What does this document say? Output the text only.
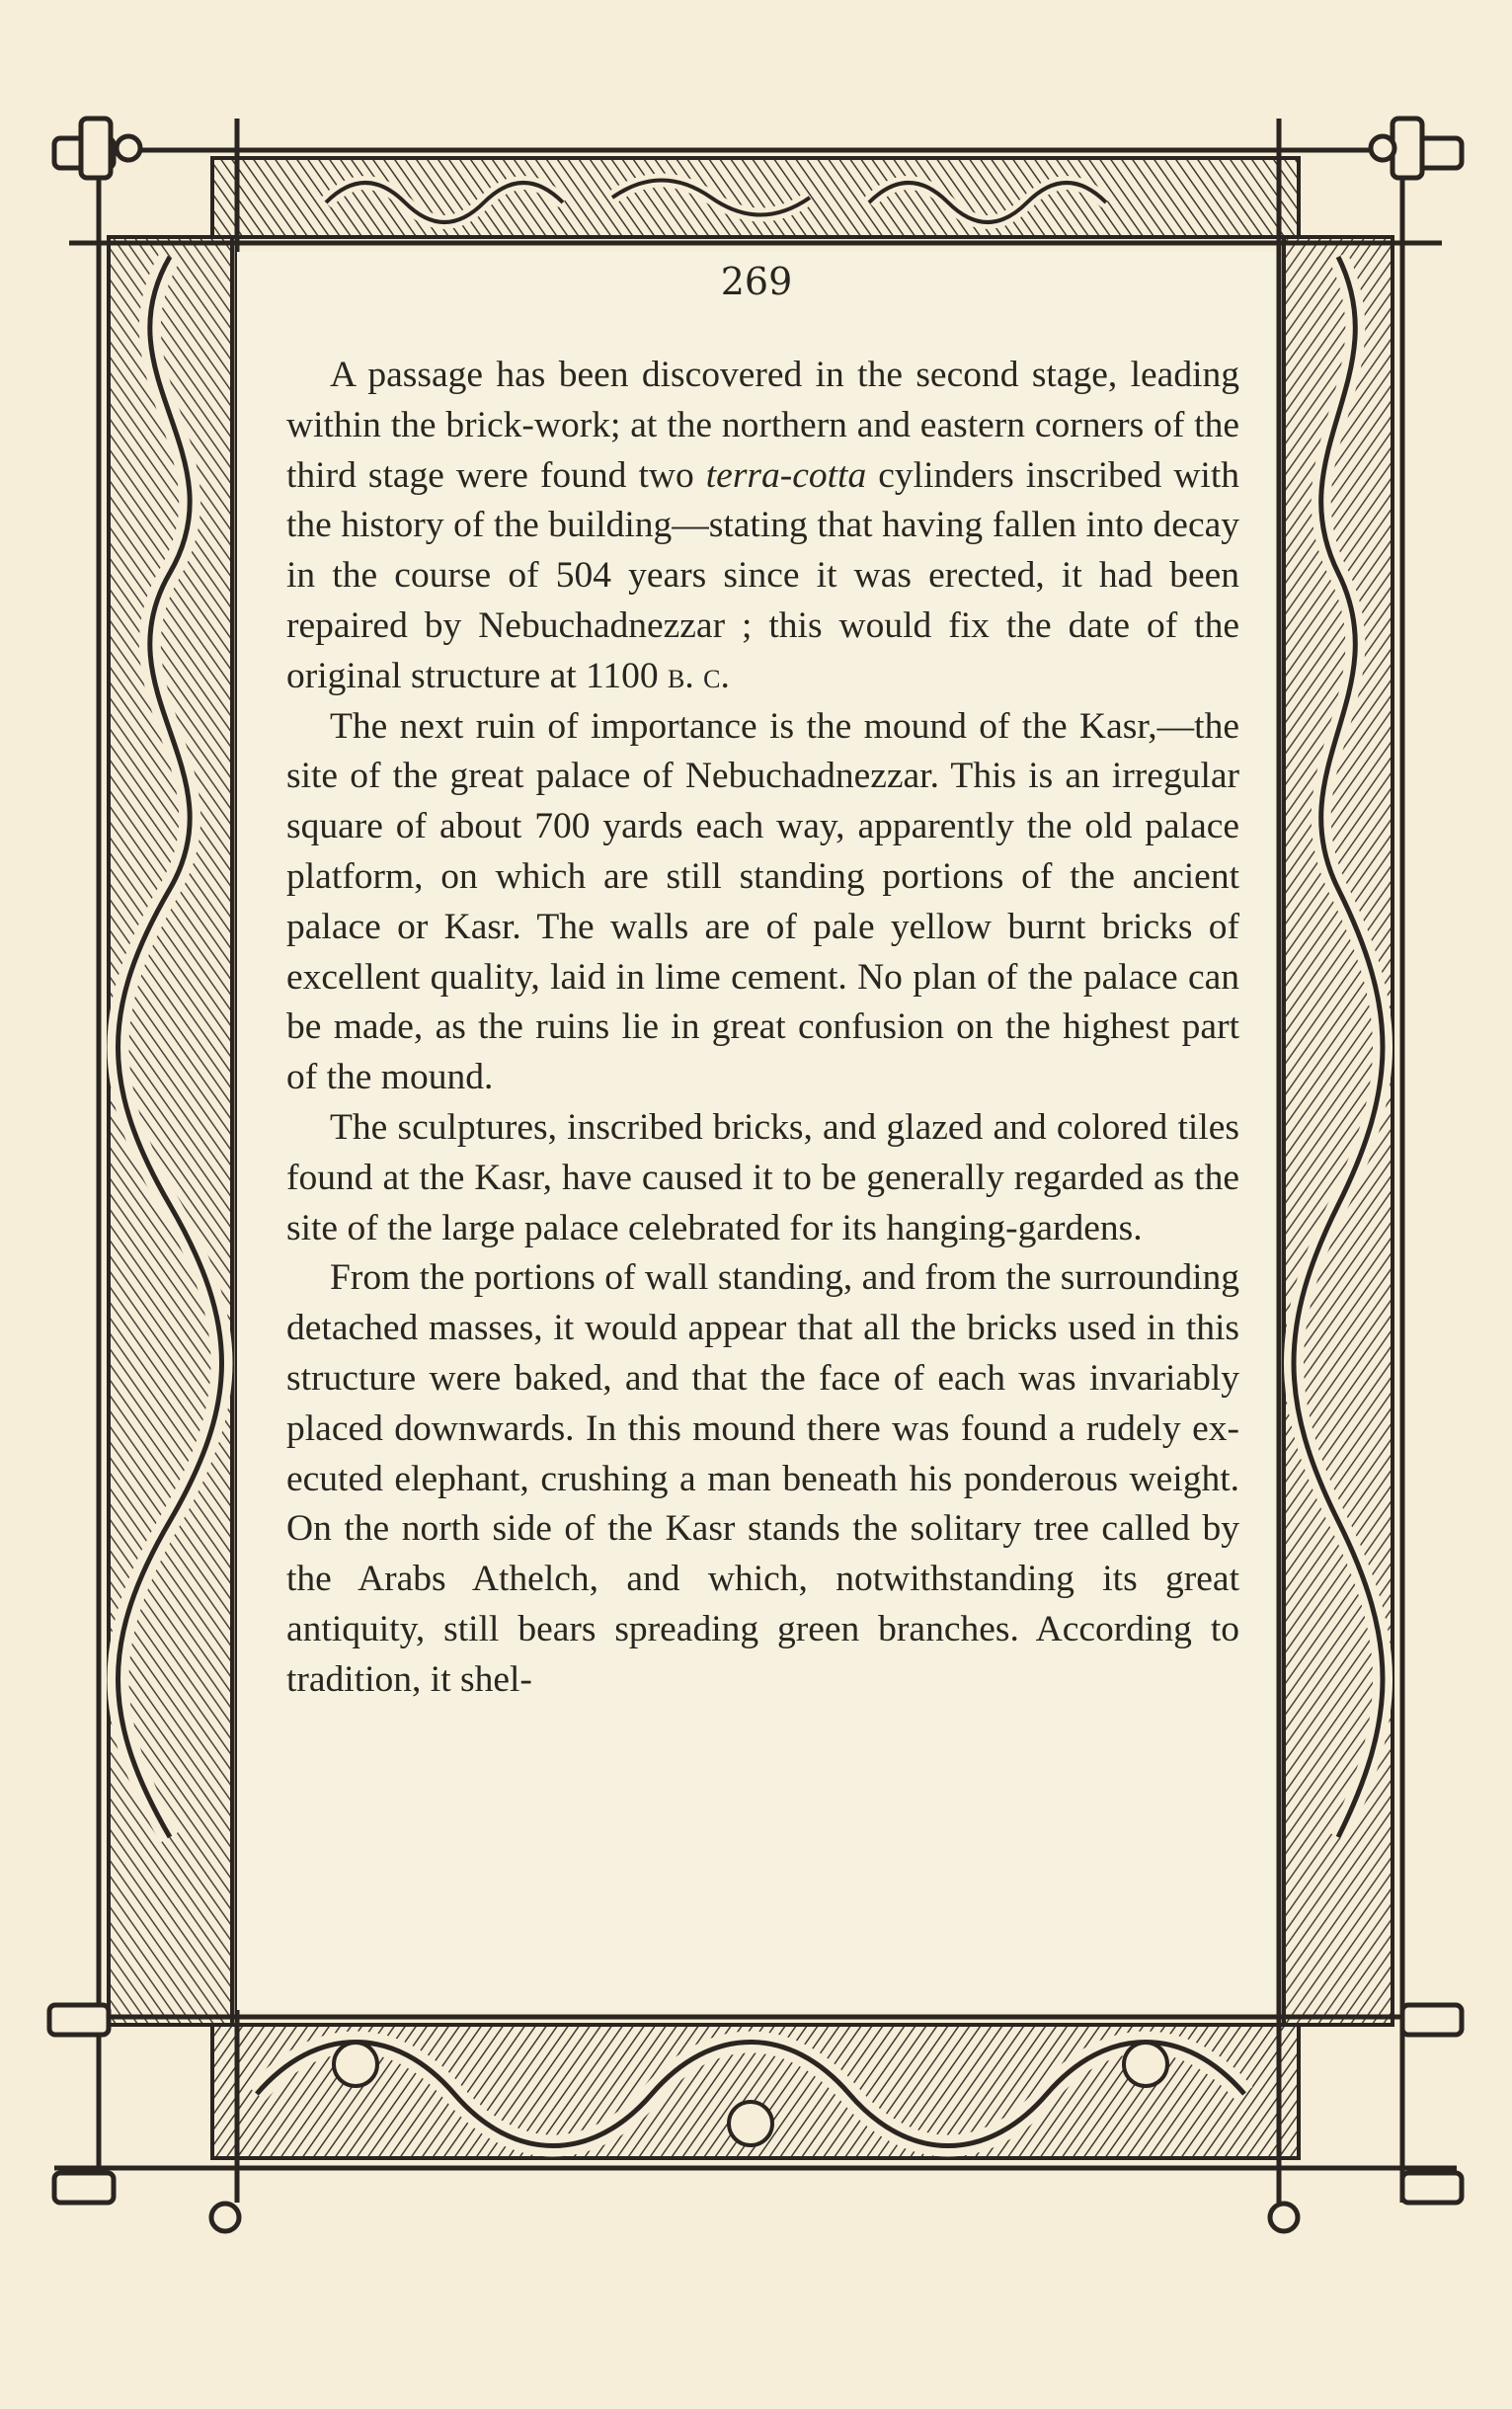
269

A passage has been discovered in the second stage, leading within the brick-work; at the northern and eastern corners of the third stage were found two terra-cotta cylinders inscribed with the history of the building—stating that having fallen into decay in the course of 504 years since it was erected, it had been repaired by Nebuchadnezzar ; this would fix the date of the original structure at 1100 b. c.

The next ruin of importance is the mound of the Kasr,—the site of the great palace of Nebuchadnezzar. This is an irregular square of about 700 yards each way, apparently the old palace platform, on which are still standing portions of the ancient palace or Kasr. The walls are of pale yellow burnt bricks of excellent quality, laid in lime cement. No plan of the palace can be made, as the ruins lie in great confusion on the highest part of the mound.

The sculptures, inscribed bricks, and glazed and colored tiles found at the Kasr, have caused it to be generally regarded as the site of the large palace celebrated for its hanging-gardens.

From the portions of wall standing, and from the surrounding detached masses, it would appear that all the bricks used in this structure were baked, and that the face of each was invariably placed downwards. In this mound there was found a rudely executed elephant, crushing a man beneath his ponderous weight. On the north side of the Kasr stands the solitary tree called by the Arabs Athelch, and which, notwithstanding its great antiquity, still bears spreading green branches. According to tradition, it shel-
